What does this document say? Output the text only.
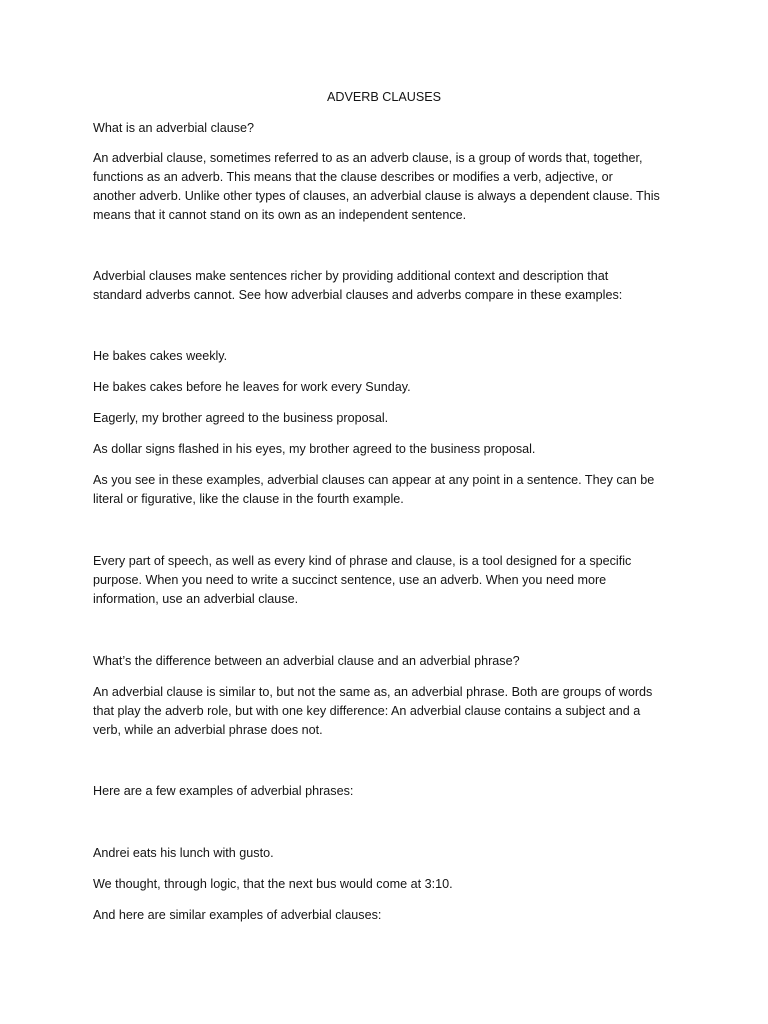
ADVERB CLAUSES

What is an adverbial clause?

An adverbial clause, sometimes referred to as an adverb clause, is a group of words that, together,

functions as an adverb. This means that the clause describes or modifies a verb, adjective, or

another adverb. Unlike other types of clauses, an adverbial clause is always a dependent clause. This

means that it cannot stand on its own as an independent sentence.

Adverbial clauses make sentences richer by providing additional context and description that

standard adverbs cannot. See how adverbial clauses and adverbs compare in these examples:

He bakes cakes weekly.

He bakes cakes before he leaves for work every Sunday.

Eagerly, my brother agreed to the business proposal.

As dollar signs flashed in his eyes, my brother agreed to the business proposal.

As you see in these examples, adverbial clauses can appear at any point in a sentence. They can be

literal or figurative, like the clause in the fourth example.

Every part of speech, as well as every kind of phrase and clause, is a tool designed for a specific

purpose. When you need to write a succinct sentence, use an adverb. When you need more

information, use an adverbial clause.

What’s the difference between an adverbial clause and an adverbial phrase?

An adverbial clause is similar to, but not the same as, an adverbial phrase. Both are groups of words

that play the adverb role, but with one key difference: An adverbial clause contains a subject and a

verb, while an adverbial phrase does not.

Here are a few examples of adverbial phrases:

Andrei eats his lunch with gusto.

We thought, through logic, that the next bus would come at 3:10.

And here are similar examples of adverbial clauses:
